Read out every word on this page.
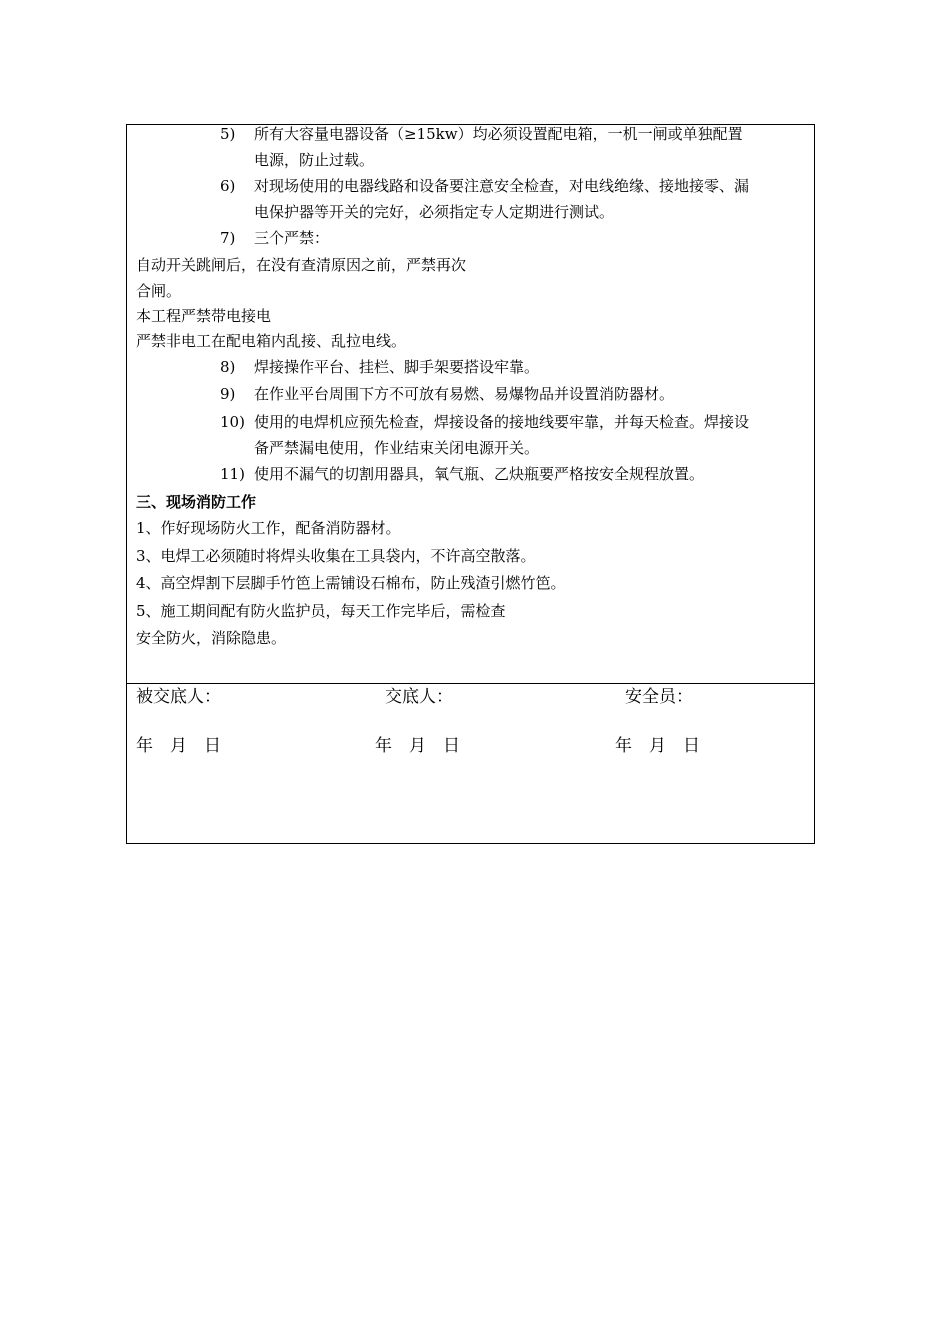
5) 所有大容量电器设备（≥15kw）均必须设置配电箱，一机一闸或单独配置
电源，防止过载。
6) 对现场使用的电器线路和设备要注意安全检查，对电线绝缘、接地接零、漏
电保护器等开关的完好，必须指定专人定期进行测试。
7) 三个严禁：
自动开关跳闸后，在没有查清原因之前，严禁再次
合闸。
本工程严禁带电接电
严禁非电工在配电箱内乱接、乱拉电线。
8) 焊接操作平台、挂栏、脚手架要搭设牢靠。
9) 在作业平台周围下方不可放有易燃、易爆物品并设置消防器材。
10) 使用的电焊机应预先检查，焊接设备的接地线要牢靠，并每天检查。焊接设
备严禁漏电使用，作业结束关闭电源开关。
11) 使用不漏气的切割用器具，氧气瓶、乙炔瓶要严格按安全规程放置。
三、现场消防工作
1、作好现场防火工作，配备消防器材。
3、电焊工必须随时将焊头收集在工具袋内，不许高空散落。
4、高空焊割下层脚手竹笆上需铺设石棉布，防止残渣引燃竹笆。
5、施工期间配有防火监护员，每天工作完毕后，需检查
安全防火，消除隐患。
被交底人：	交底人：	安全员：
年　月　日	年　月　日	年　月　日
